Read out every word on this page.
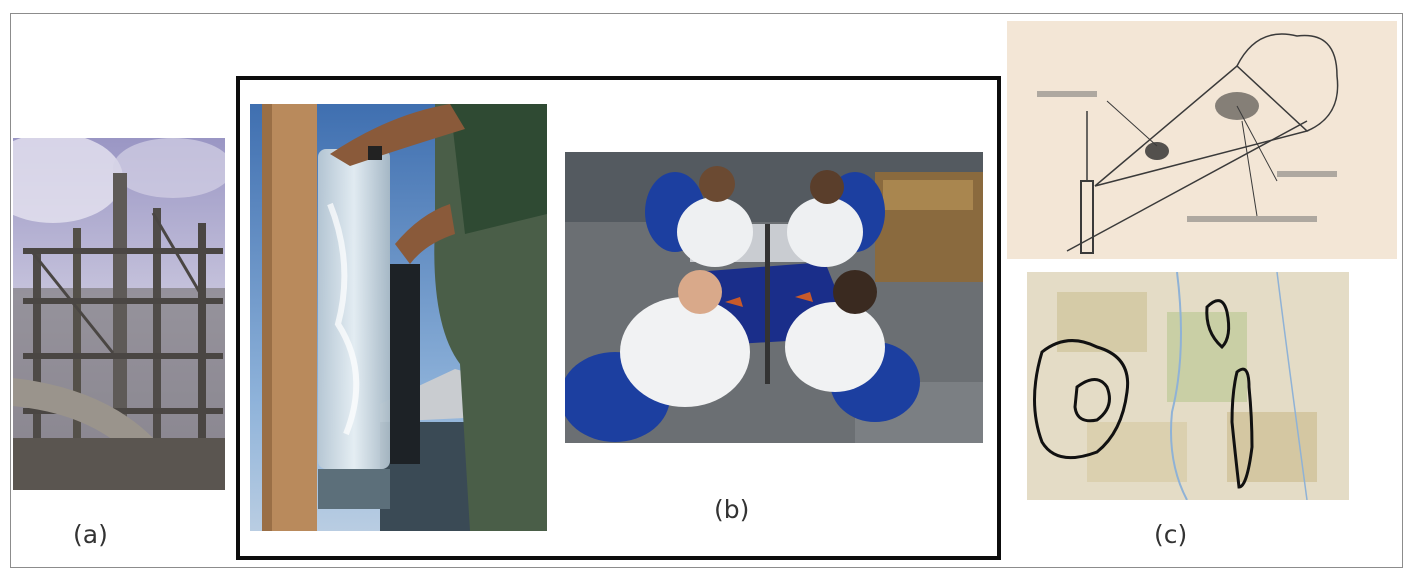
(a)
(b)
(c)
